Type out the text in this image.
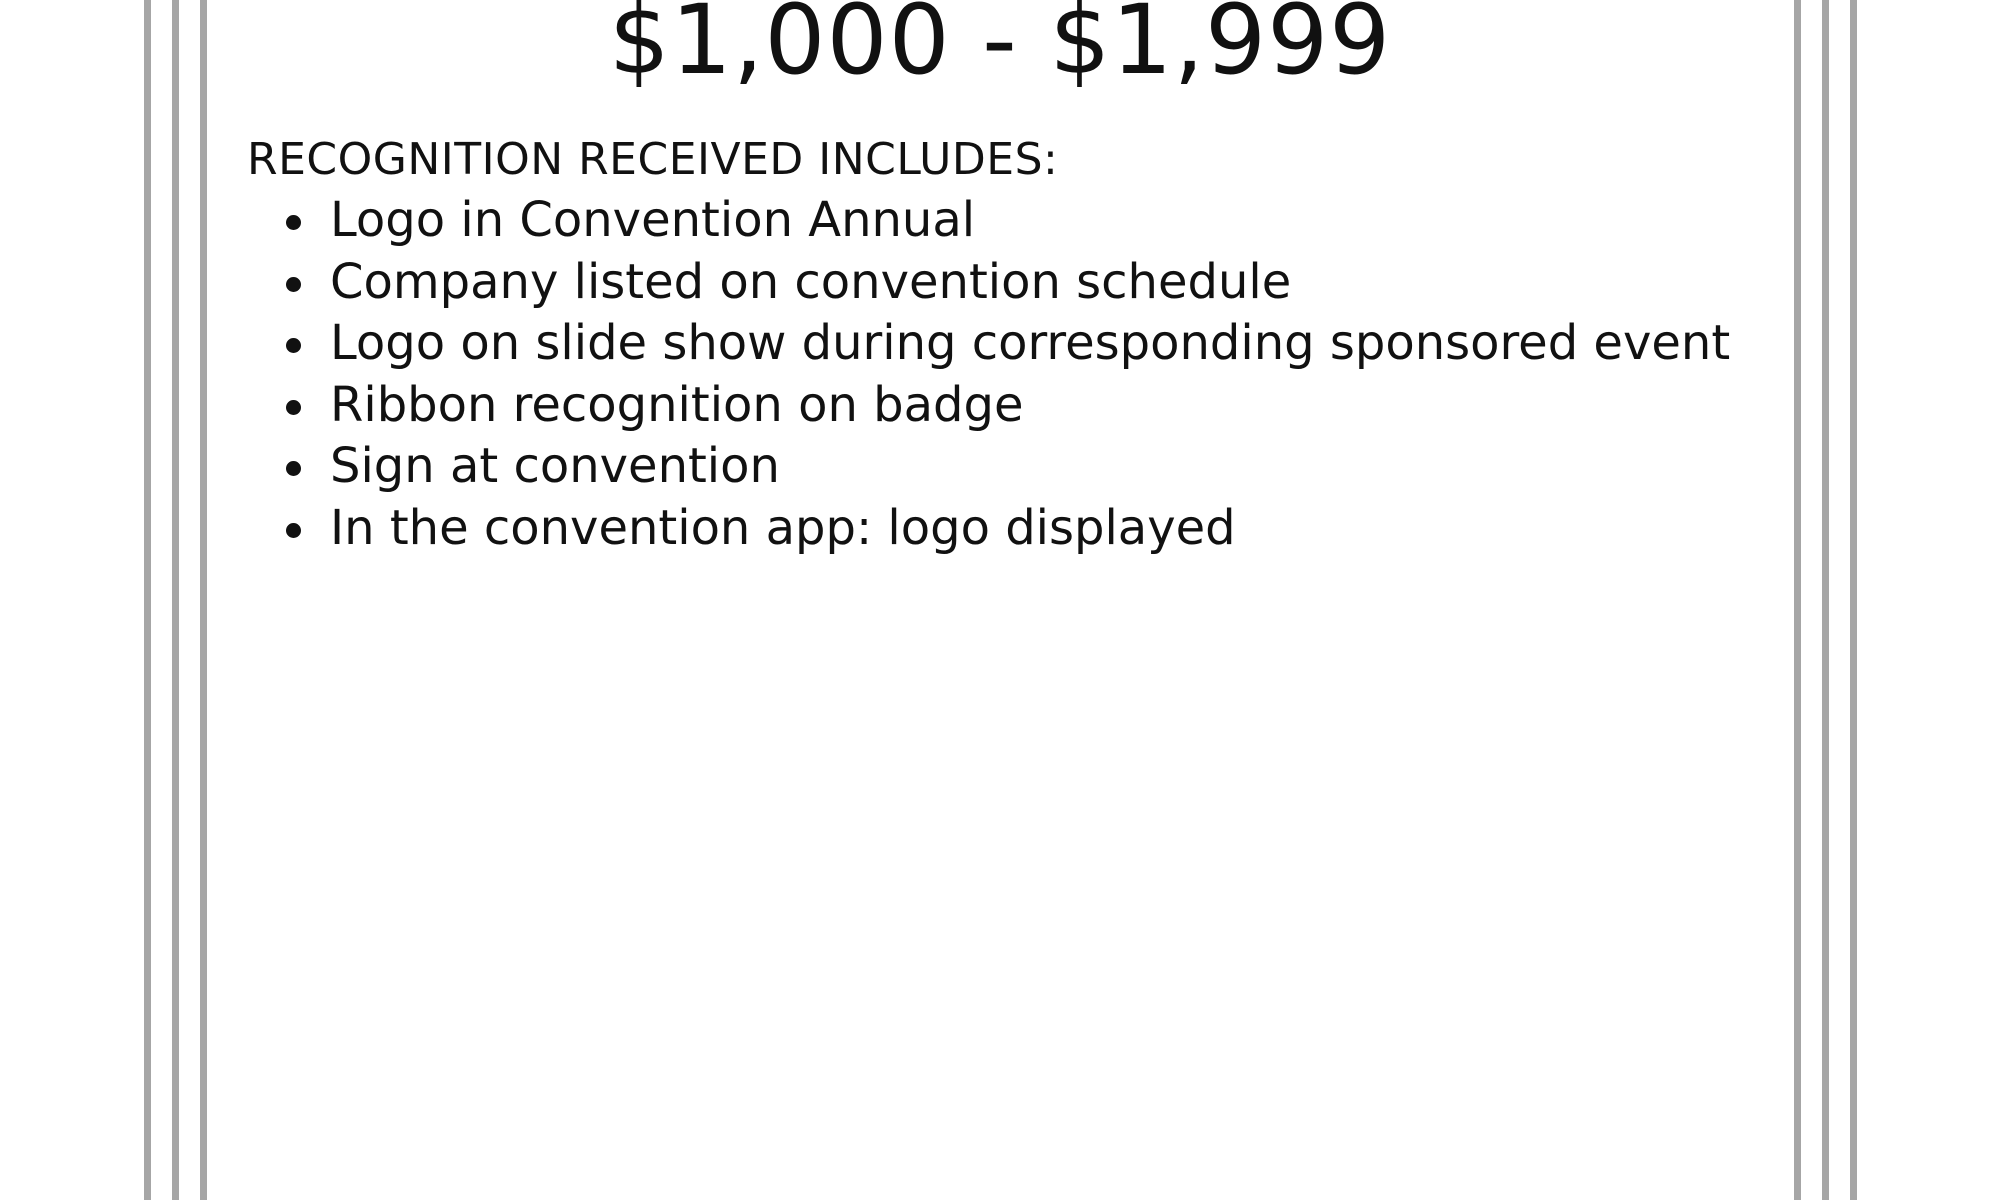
$1,000 - $1,999
RECOGNITION RECEIVED INCLUDES:
Logo in Convention Annual
Company listed on convention schedule
Logo on slide show during corresponding sponsored event
Ribbon recognition on badge
Sign at convention
In the convention app: logo displayed
